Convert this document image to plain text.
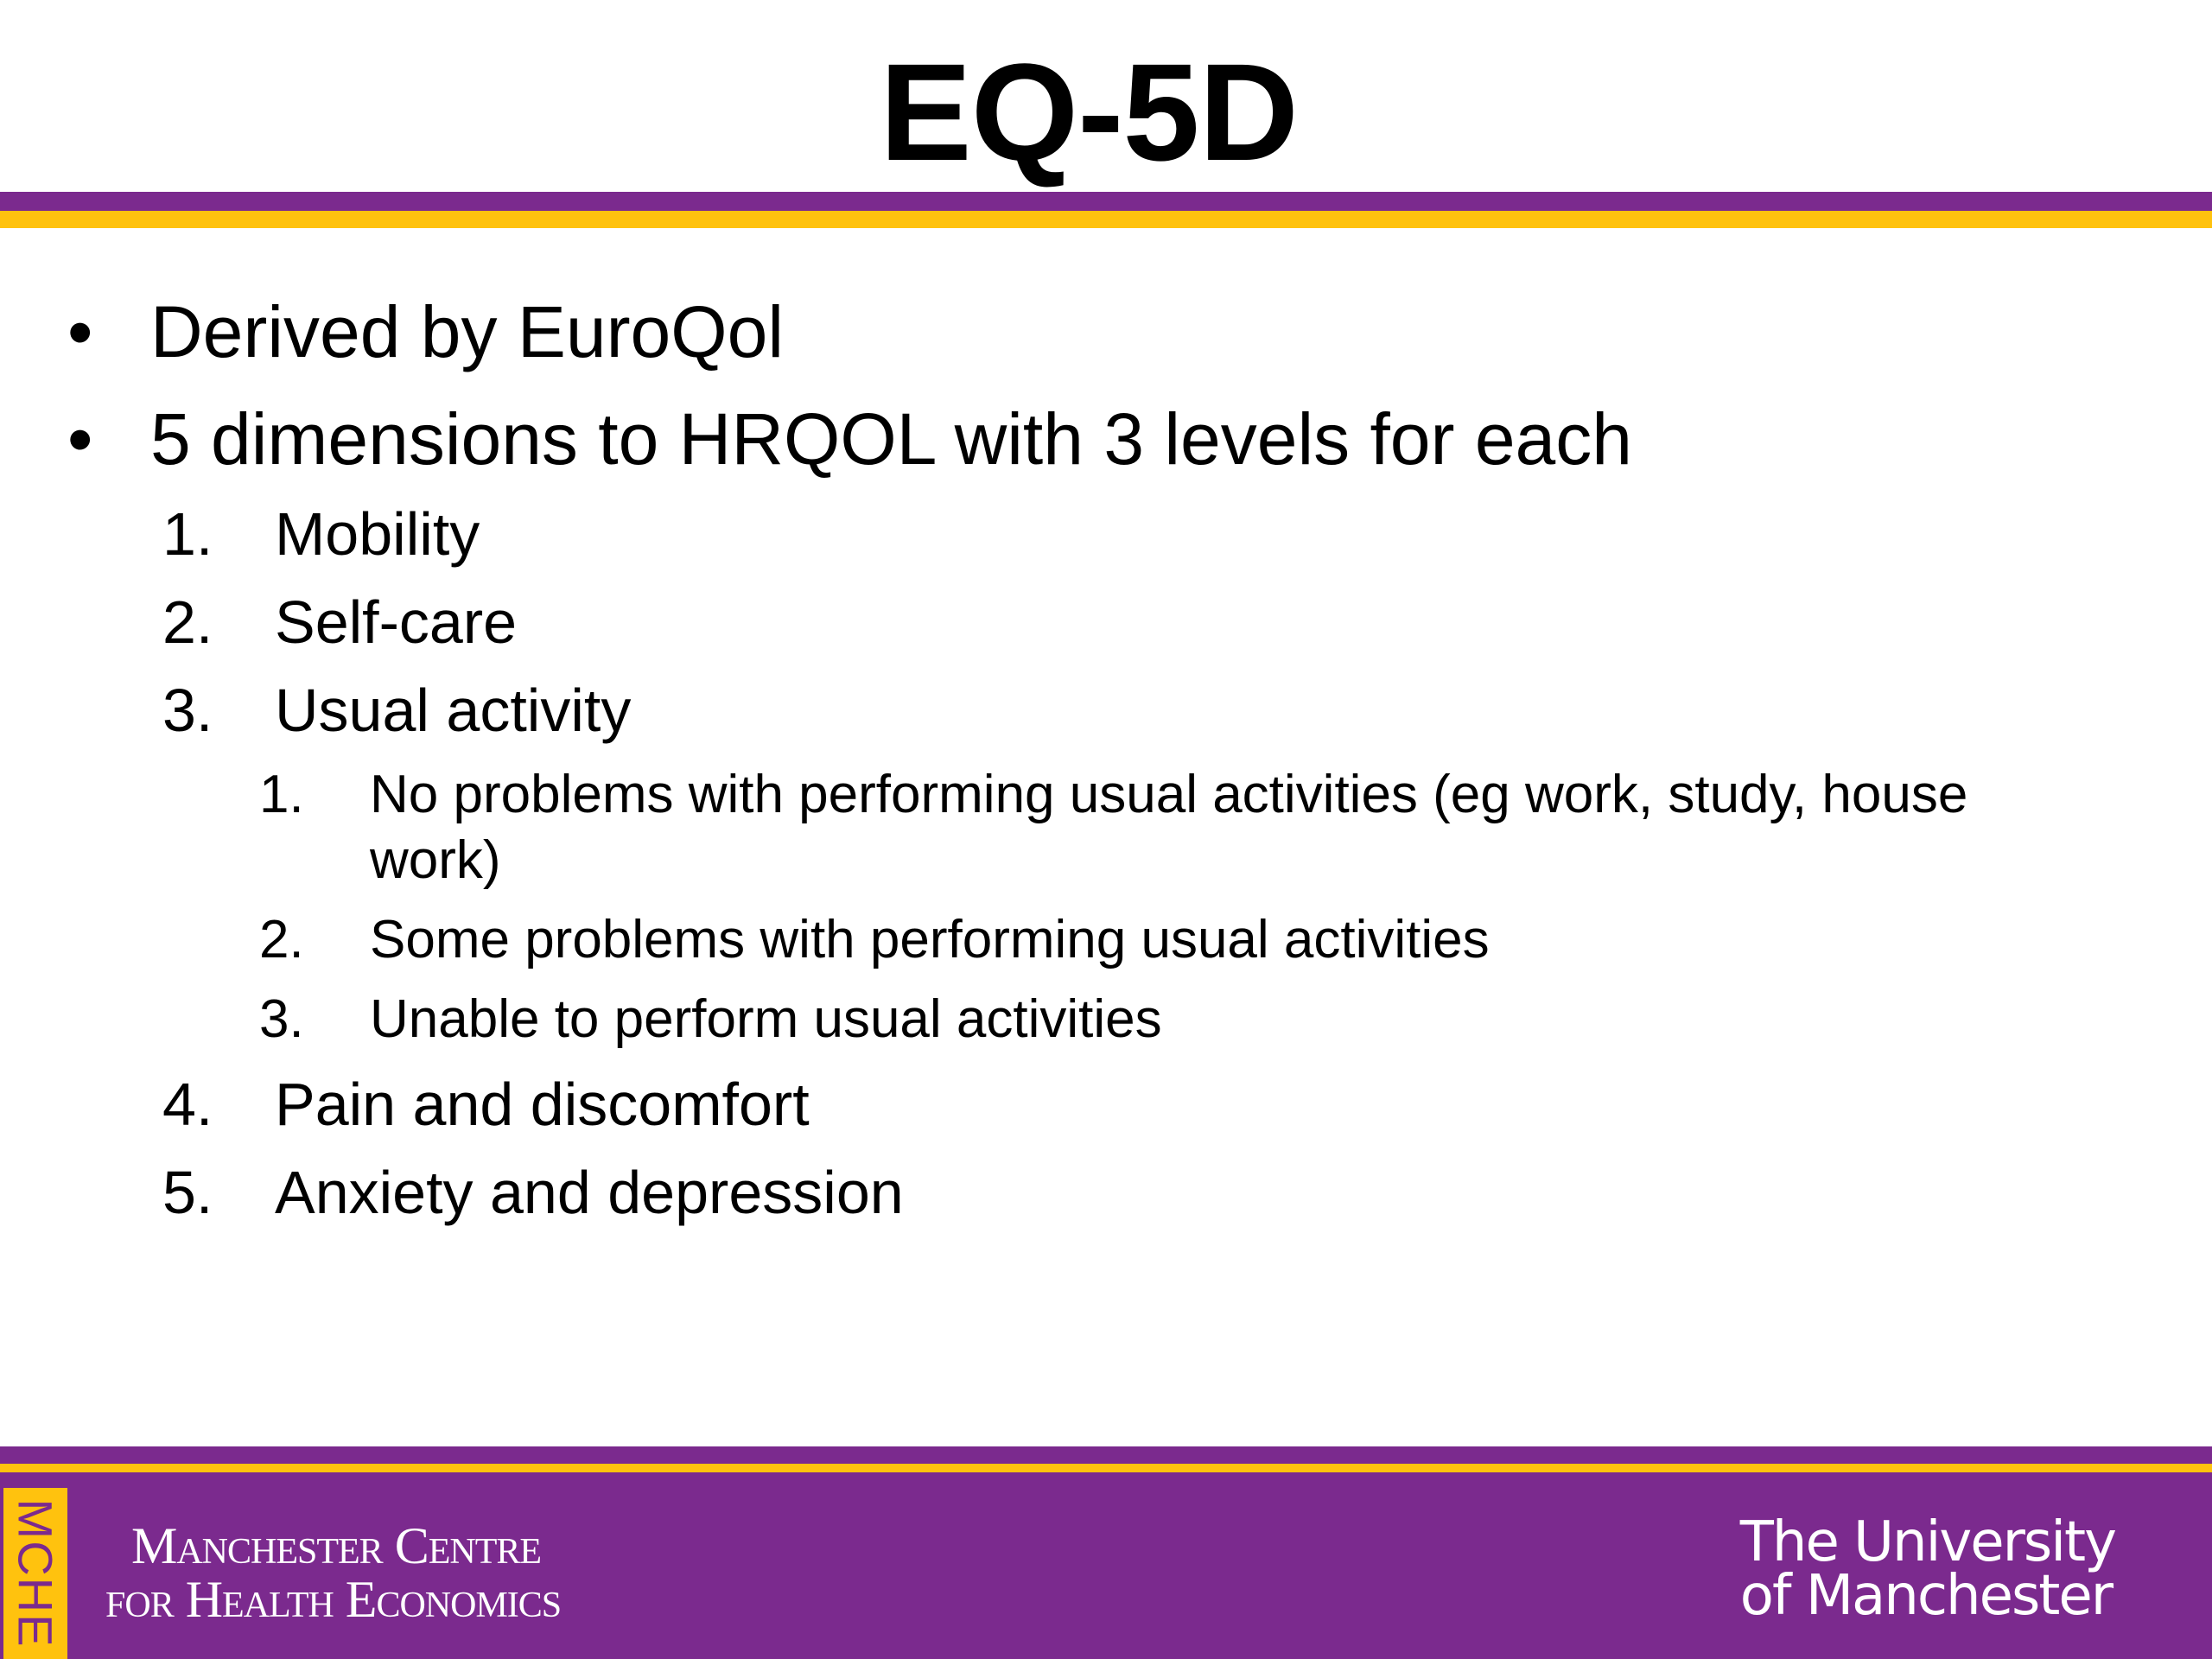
EQ-5D
• Derived by EuroQol
• 5 dimensions to HRQOL with 3 levels for each
1. Mobility
2. Self-care
3. Usual activity
1. No problems with performing usual activities (eg work, study, house work)
2. Some problems with performing usual activities
3. Unable to perform usual activities
4. Pain and discomfort
5. Anxiety and depression
MCHE	Manchester Centre
for Health Economics
The University
of Manchester
